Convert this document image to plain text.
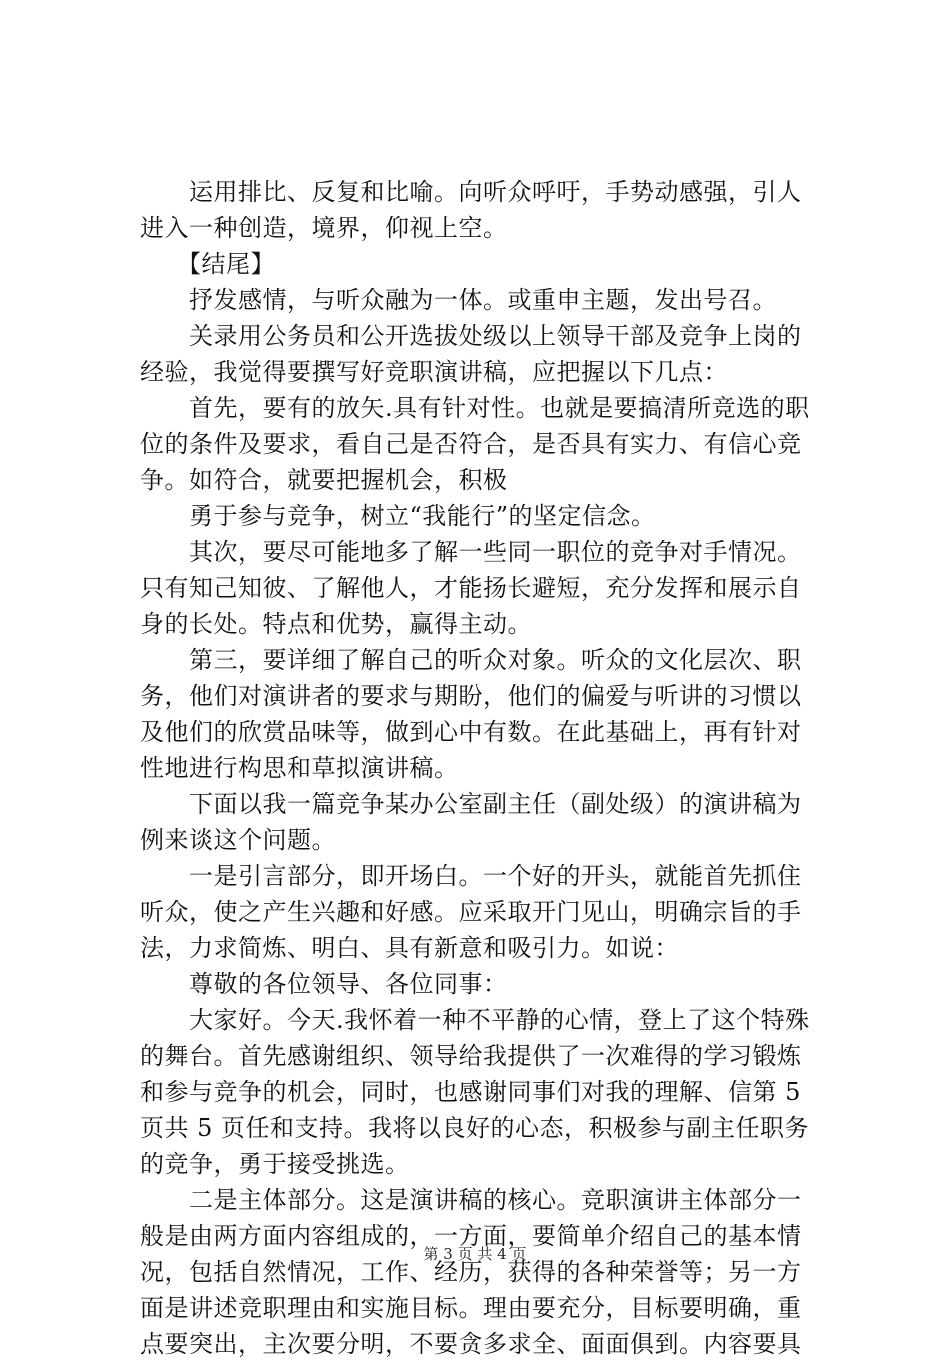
　　运用排比、反复和比喻。向听众呼吁，手势动感强，引人
进入一种创造，境界，仰视上空。
　　【结尾】
　　抒发感情，与听众融为一体。或重申主题，发出号召。
　　关录用公务员和公开选拔处级以上领导干部及竞争上岗的
经验，我觉得要撰写好竞职演讲稿，应把握以下几点：
　　首先，要有的放矢.具有针对性。也就是要搞清所竞选的职
位的条件及要求，看自己是否符合，是否具有实力、有信心竞
争。如符合，就要把握机会，积极
　　勇于参与竞争，树立“我能行”的坚定信念。
　　其次，要尽可能地多了解一些同一职位的竞争对手情况。
只有知己知彼、了解他人，才能扬长避短，充分发挥和展示自
身的长处。特点和优势，赢得主动。
　　第三，要详细了解自己的听众对象。听众的文化层次、职
务，他们对演讲者的要求与期盼，他们的偏爱与听讲的习惯以
及他们的欣赏品味等，做到心中有数。在此基础上，再有针对
性地进行构思和草拟演讲稿。
　　下面以我一篇竞争某办公室副主任（副处级）的演讲稿为
例来谈这个问题。
　　一是引言部分，即开场白。一个好的开头，就能首先抓住
听众，使之产生兴趣和好感。应采取开门见山，明确宗旨的手
法，力求简炼、明白、具有新意和吸引力。如说：
　　尊敬的各位领导、各位同事：
　　大家好。今天.我怀着一种不平静的心情，登上了这个特殊
的舞台。首先感谢组织、领导给我提供了一次难得的学习锻炼
和参与竞争的机会，同时，也感谢同事们对我的理解、信第 5
页共 5 页任和支持。我将以良好的心态，积极参与副主任职务
的竞争，勇于接受挑选。
　　二是主体部分。这是演讲稿的核心。竞职演讲主体部分一
般是由两方面内容组成的，一方面，要简单介绍自己的基本情
况，包括自然情况，工作、经历，获得的各种荣誉等；另一方
面是讲述竞职理由和实施目标。理由要充分，目标要明确，重
点要突出，主次要分明，不要贪多求全、面面俱到。内容要具
第 3 页 共 4 页
